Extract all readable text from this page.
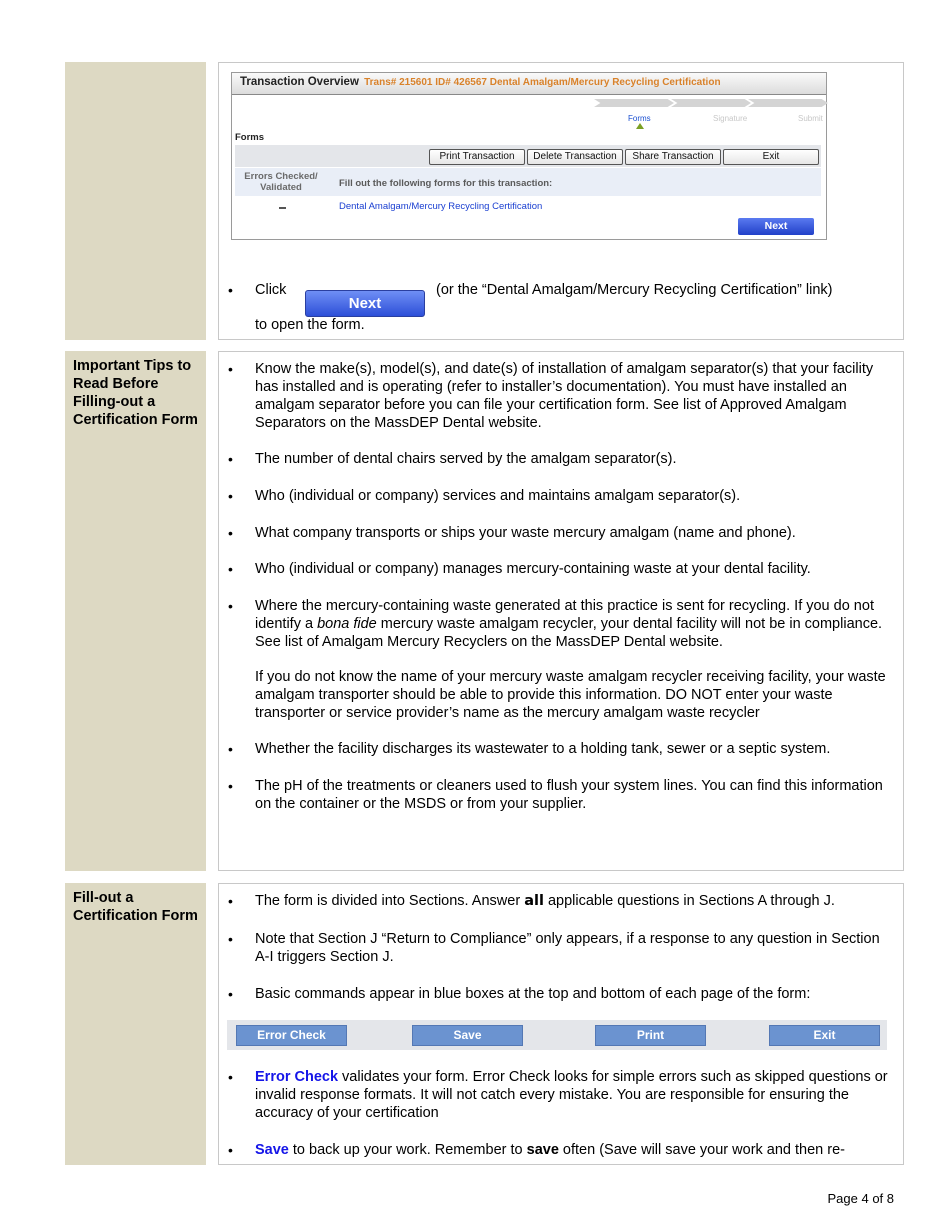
Transaction Overview Trans# 215601 ID# 426567 Dental Amalgam/Mercury Recycling Certification
Forms	Signature	Submit
Forms
Print Transaction	Delete Transaction	Share Transaction	Exit
Errors Checked/ Validated	Fill out the following forms for this transaction:
Dental Amalgam/Mercury Recycling Certification
Next
• Click
Next
(or the “Dental Amalgam/Mercury Recycling Certification” link)
to open the form.
Important Tips to Read Before Filling-out a Certification Form
• Know the make(s), model(s), and date(s) of installation of amalgam separator(s) that your facility has installed and is operating (refer to installer’s documentation). You must have installed an amalgam separator before you can file your certification form. See list of Approved Amalgam Separators on the MassDEP Dental website.
• The number of dental chairs served by the amalgam separator(s).
• Who (individual or company) services and maintains amalgam separator(s).
• What company transports or ships your waste mercury amalgam (name and phone).
• Who (individual or company) manages mercury-containing waste at your dental facility.
• Where the mercury-containing waste generated at this practice is sent for recycling. If you do not identify a bona fide mercury waste amalgam recycler, your dental facility will not be in compliance. See list of Amalgam Mercury Recyclers on the MassDEP Dental website.
If you do not know the name of your mercury waste amalgam recycler receiving facility, your waste amalgam transporter should be able to provide this information. DO NOT enter your waste transporter or service provider’s name as the mercury amalgam waste recycler
• Whether the facility discharges its wastewater to a holding tank, sewer or a septic system.
• The pH of the treatments or cleaners used to flush your system lines. You can find this information on the container or the MSDS or from your supplier.
Fill-out a Certification Form
• The form is divided into Sections. Answer all applicable questions in Sections A through J.
• Note that Section J “Return to Compliance” only appears, if a response to any question in Section A-I triggers Section J.
• Basic commands appear in blue boxes at the top and bottom of each page of the form:
Error Check	Save	Print	Exit
• Error Check validates your form. Error Check looks for simple errors such as skipped questions or invalid response formats. It will not catch every mistake. You are responsible for ensuring the accuracy of your certification
• Save to back up your work. Remember to save often (Save will save your work and then re-
Page 4 of 8
